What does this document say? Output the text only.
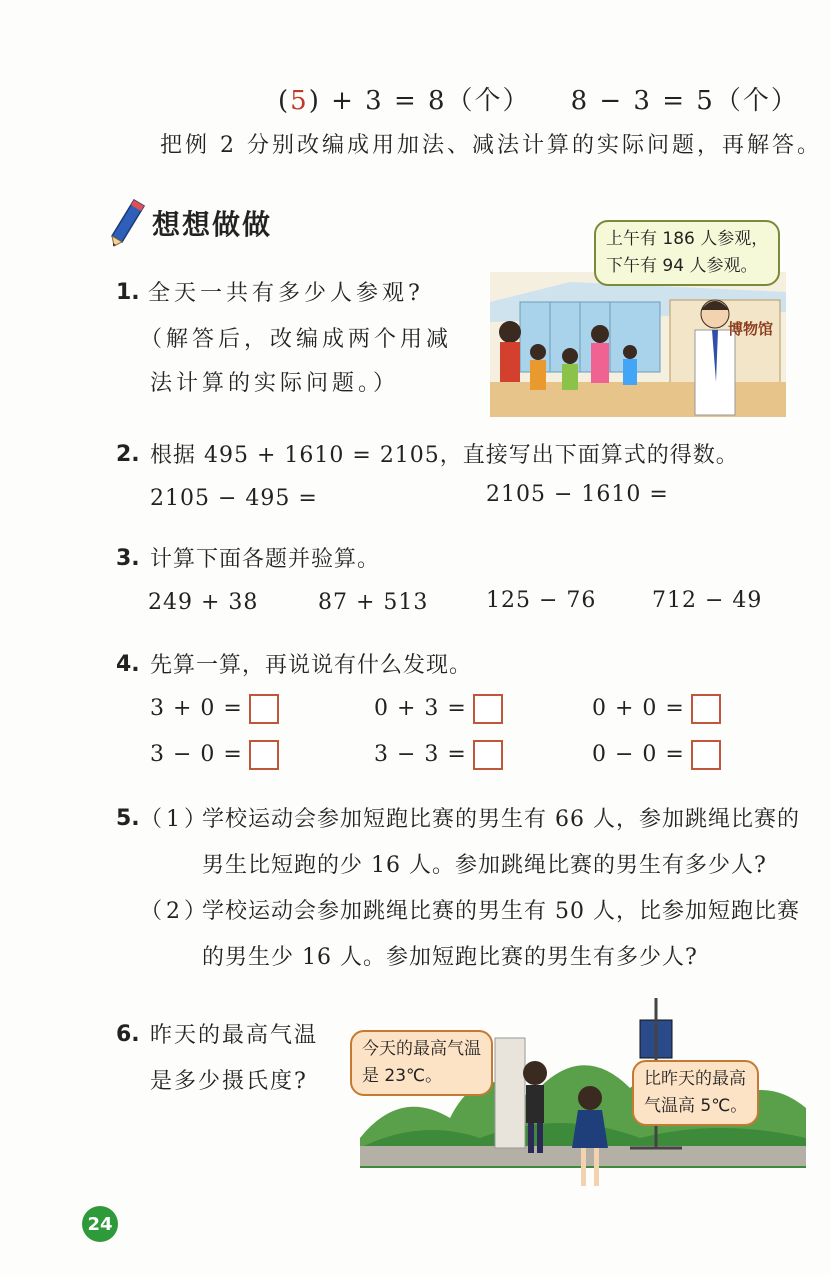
(5) + 3 = 8（个） 8 − 3 = 5（个）
把例 2 分别改编成用加法、减法计算的实际问题，再解答。
想想做做
1. 全天一共有多少人参观?
（解答后，改编成两个用减
法计算的实际问题。）
博物馆
上午有 186 人参观，
下午有 94 人参观。
2. 根据 495 + 1610 = 2105，直接写出下面算式的得数。
2105 − 495 =	2105 − 1610 =
3. 计算下面各题并验算。
249 + 38	87 + 513	125 − 76	712 − 49
4. 先算一算，再说说有什么发现。
3 + 0 =	0 + 3 =	0 + 0 =
3 − 0 =	3 − 3 =	0 − 0 =
5. （1）
学校运动会参加短跑比赛的男生有 66 人，参加跳绳比赛的
男生比短跑的少 16 人。参加跳绳比赛的男生有多少人?
（2）
学校运动会参加跳绳比赛的男生有 50 人，比参加短跑比赛
的男生少 16 人。参加短跑比赛的男生有多少人?
6. 昨天的最高气温
是多少摄氏度?
今天的最高气温
是 23℃。	比昨天的最高
气温高 5℃。
24
